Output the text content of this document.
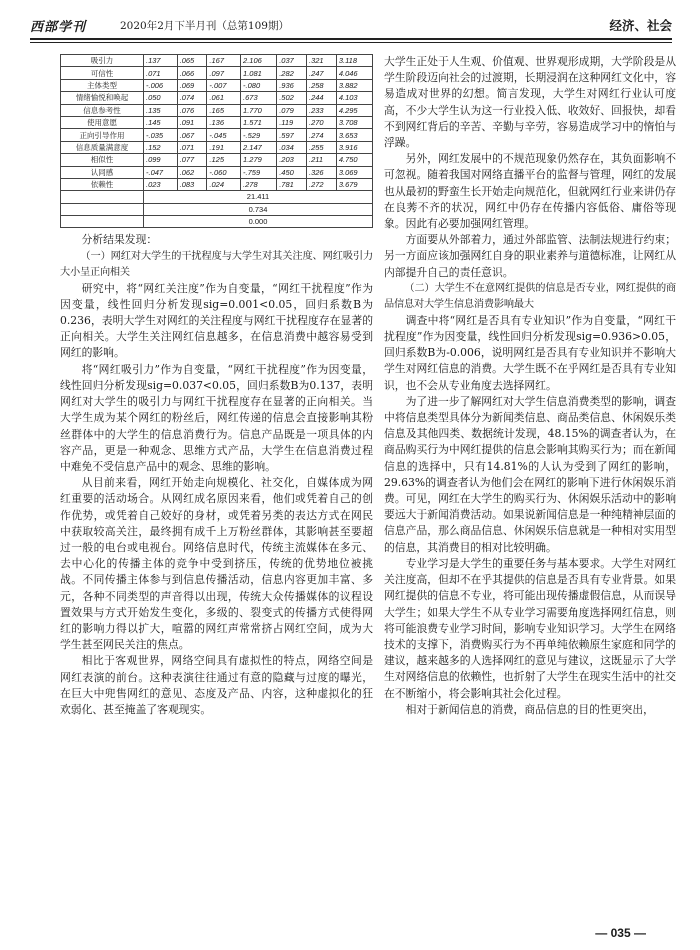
西部学刊	2020年2月下半月刊（总第109期）	经济、社会
吸引力	.137	.065	.167	2.106	.037	.321	3.118
可信性	.071	.066	.097	1.081	.282	.247	4.046
主体类型	-.006	.069	-.007	-.080	.936	.258	3.882
情绪愉悦和唤起	.050	.074	.061	.673	.502	.244	4.103
信息参考性	.135	.076	.165	1.770	.079	.233	4.295
使用意愿	.145	.091	.136	1.571	.119	.270	3.708
正向引导作用	-.035	.067	-.045	-.529	.597	.274	3.653
信息质量满意度	.152	.071	.191	2.147	.034	.255	3.916
相似性	.099	.077	.125	1.279	.203	.211	4.750
认同感	-.047	.062	-.060	-.759	.450	.326	3.069
依赖性	.023	.083	.024	.278	.781	.272	3.679
	21.411						
	0.734						
	0.000						

分析结果发现：

（一）网红对大学生的干扰程度与大学生对其关注度、网红吸引力大小呈正向相关

研究中，将“网红关注度”作为自变量，“网红干扰程度”作为因变量，线性回归分析发现sig=0.001<0.05，回归系数B为0.236，表明大学生对网红的关注程度与网红干扰程度存在显著的正向相关。大学生关注网红信息越多，在信息消费中越容易受到网红的影响。

将“网红吸引力”作为自变量，“网红干扰程度”作为因变量，线性回归分析发现sig=0.037<0.05，回归系数B为0.137，表明网红对大学生的吸引力与网红干扰程度存在显著的正向相关。当大学生成为某个网红的粉丝后，网红传递的信息会直接影响其粉丝群体中的大学生的信息消费行为。信息产品既是一项具体的内容产品，更是一种观念、思维方式产品，大学生在信息消费过程中难免不受信息产品中的观念、思维的影响。

从目前来看，网红开始走向规模化、社交化，自媒体成为网红重要的活动场合。从网红成名原因来看，他们或凭着自己的创作优势，或凭着自己姣好的身材，或凭着另类的表达方式在网民中获取较高关注，最终拥有成千上万粉丝群体，其影响甚至要超过一般的电台或电视台。网络信息时代，传统主流媒体在多元、去中心化的传播主体的竞争中受到挤压，传统的优势地位被挑战。不同传播主体参与到信息传播活动，信息内容更加丰富、多元，各种不同类型的声音得以出现，传统大众传播媒体的议程设置效果与方式开始发生变化，多级的、裂变式的传播方式使得网红的影响力得以扩大，喧嚣的网红声常常挤占网红空间，成为大学生甚至网民关注的焦点。

相比于客观世界，网络空间具有虚拟性的特点，网络空间是网红表演的前台。这种表演往往通过有意的隐藏与过度的曝光，在巨大中兜售网红的意见、态度及产品、内容，这种虚拟化的狂欢弱化、甚至掩盖了客观现实。

大学生正处于人生观、价值观、世界观形成期，大学阶段是从学生阶段迈向社会的过渡期，长期浸润在这种网红文化中，容易造成对世界的幻想。简言发现，大学生对网红行业认可度高，不少大学生认为这一行业投入低、收效好、回报快，却看不到网红背后的辛苦、辛勤与辛劳，容易造成学习中的惰怕与浮躁。

另外，网红发展中的不规范现象仍然存在，其负面影响不可忽视。随着我国对网络直播平台的监督与管理，网红的发展也从最初的野蛮生长开始走向规范化，但就网红行业来讲仍存在良莠不齐的状况，网红中仍存在传播内容低俗、庸俗等现象。因此有必要加强网红管理。

方面要从外部着力，通过外部监管、法制法规进行约束；另一方面应该加强网红自身的职业素养与道德标准，让网红从内部提升自己的责任意识。

（二）大学生不在意网红提供的信息是否专业，网红提供的商品信息对大学生信息消费影响最大

调查中将“网红是否具有专业知识”作为自变量，“网红干扰程度”作为因变量，线性回归分析发现sig=0.936>0.05，回归系数B为-0.006，说明网红是否具有专业知识并不影响大学生对网红信息的消费。大学生既不在乎网红是否具有专业知识，也不会从专业角度去选择网红。

为了进一步了解网红对大学生信息消费类型的影响，调查中将信息类型具体分为新闻类信息、商品类信息、休闲娱乐类信息及其他四类、数据统计发现，48.15%的调查者认为，在商品购买行为中网红提供的信息会影响其购买行为；而在新闻信息的选择中，只有14.81%的人认为受到了网红的影响，29.63%的调查者认为他们会在网红的影响下进行休闲娱乐消费。可见，网红在大学生的购买行为、休闲娱乐活动中的影响要远大于新闻消费活动。如果说新闻信息是一种纯精神层面的信息产品，那么商品信息、休闲娱乐信息就是一种相对实用型的信息，其消费目的相对比较明确。

专业学习是大学生的重要任务与基本要求。大学生对网红关注度高，但却不在乎其提供的信息是否具有专业背景。如果网红提供的信息不专业，将可能出现传播虚假信息，从而误导大学生；如果大学生不从专业学习需要角度选择网红信息，则将可能浪费专业学习时间，影响专业知识学习。大学生在网络技术的支撑下，消费购买行为不再单纯依赖原生家庭和同学的建议，越来越多的人选择网红的意见与建议，这既显示了大学生对网络信息的依赖性，也折射了大学生在现实生活中的社交在不断缩小，将会影响其社会化过程。

相对于新闻信息的消费，商品信息的目的性更突出，

— 035 —
